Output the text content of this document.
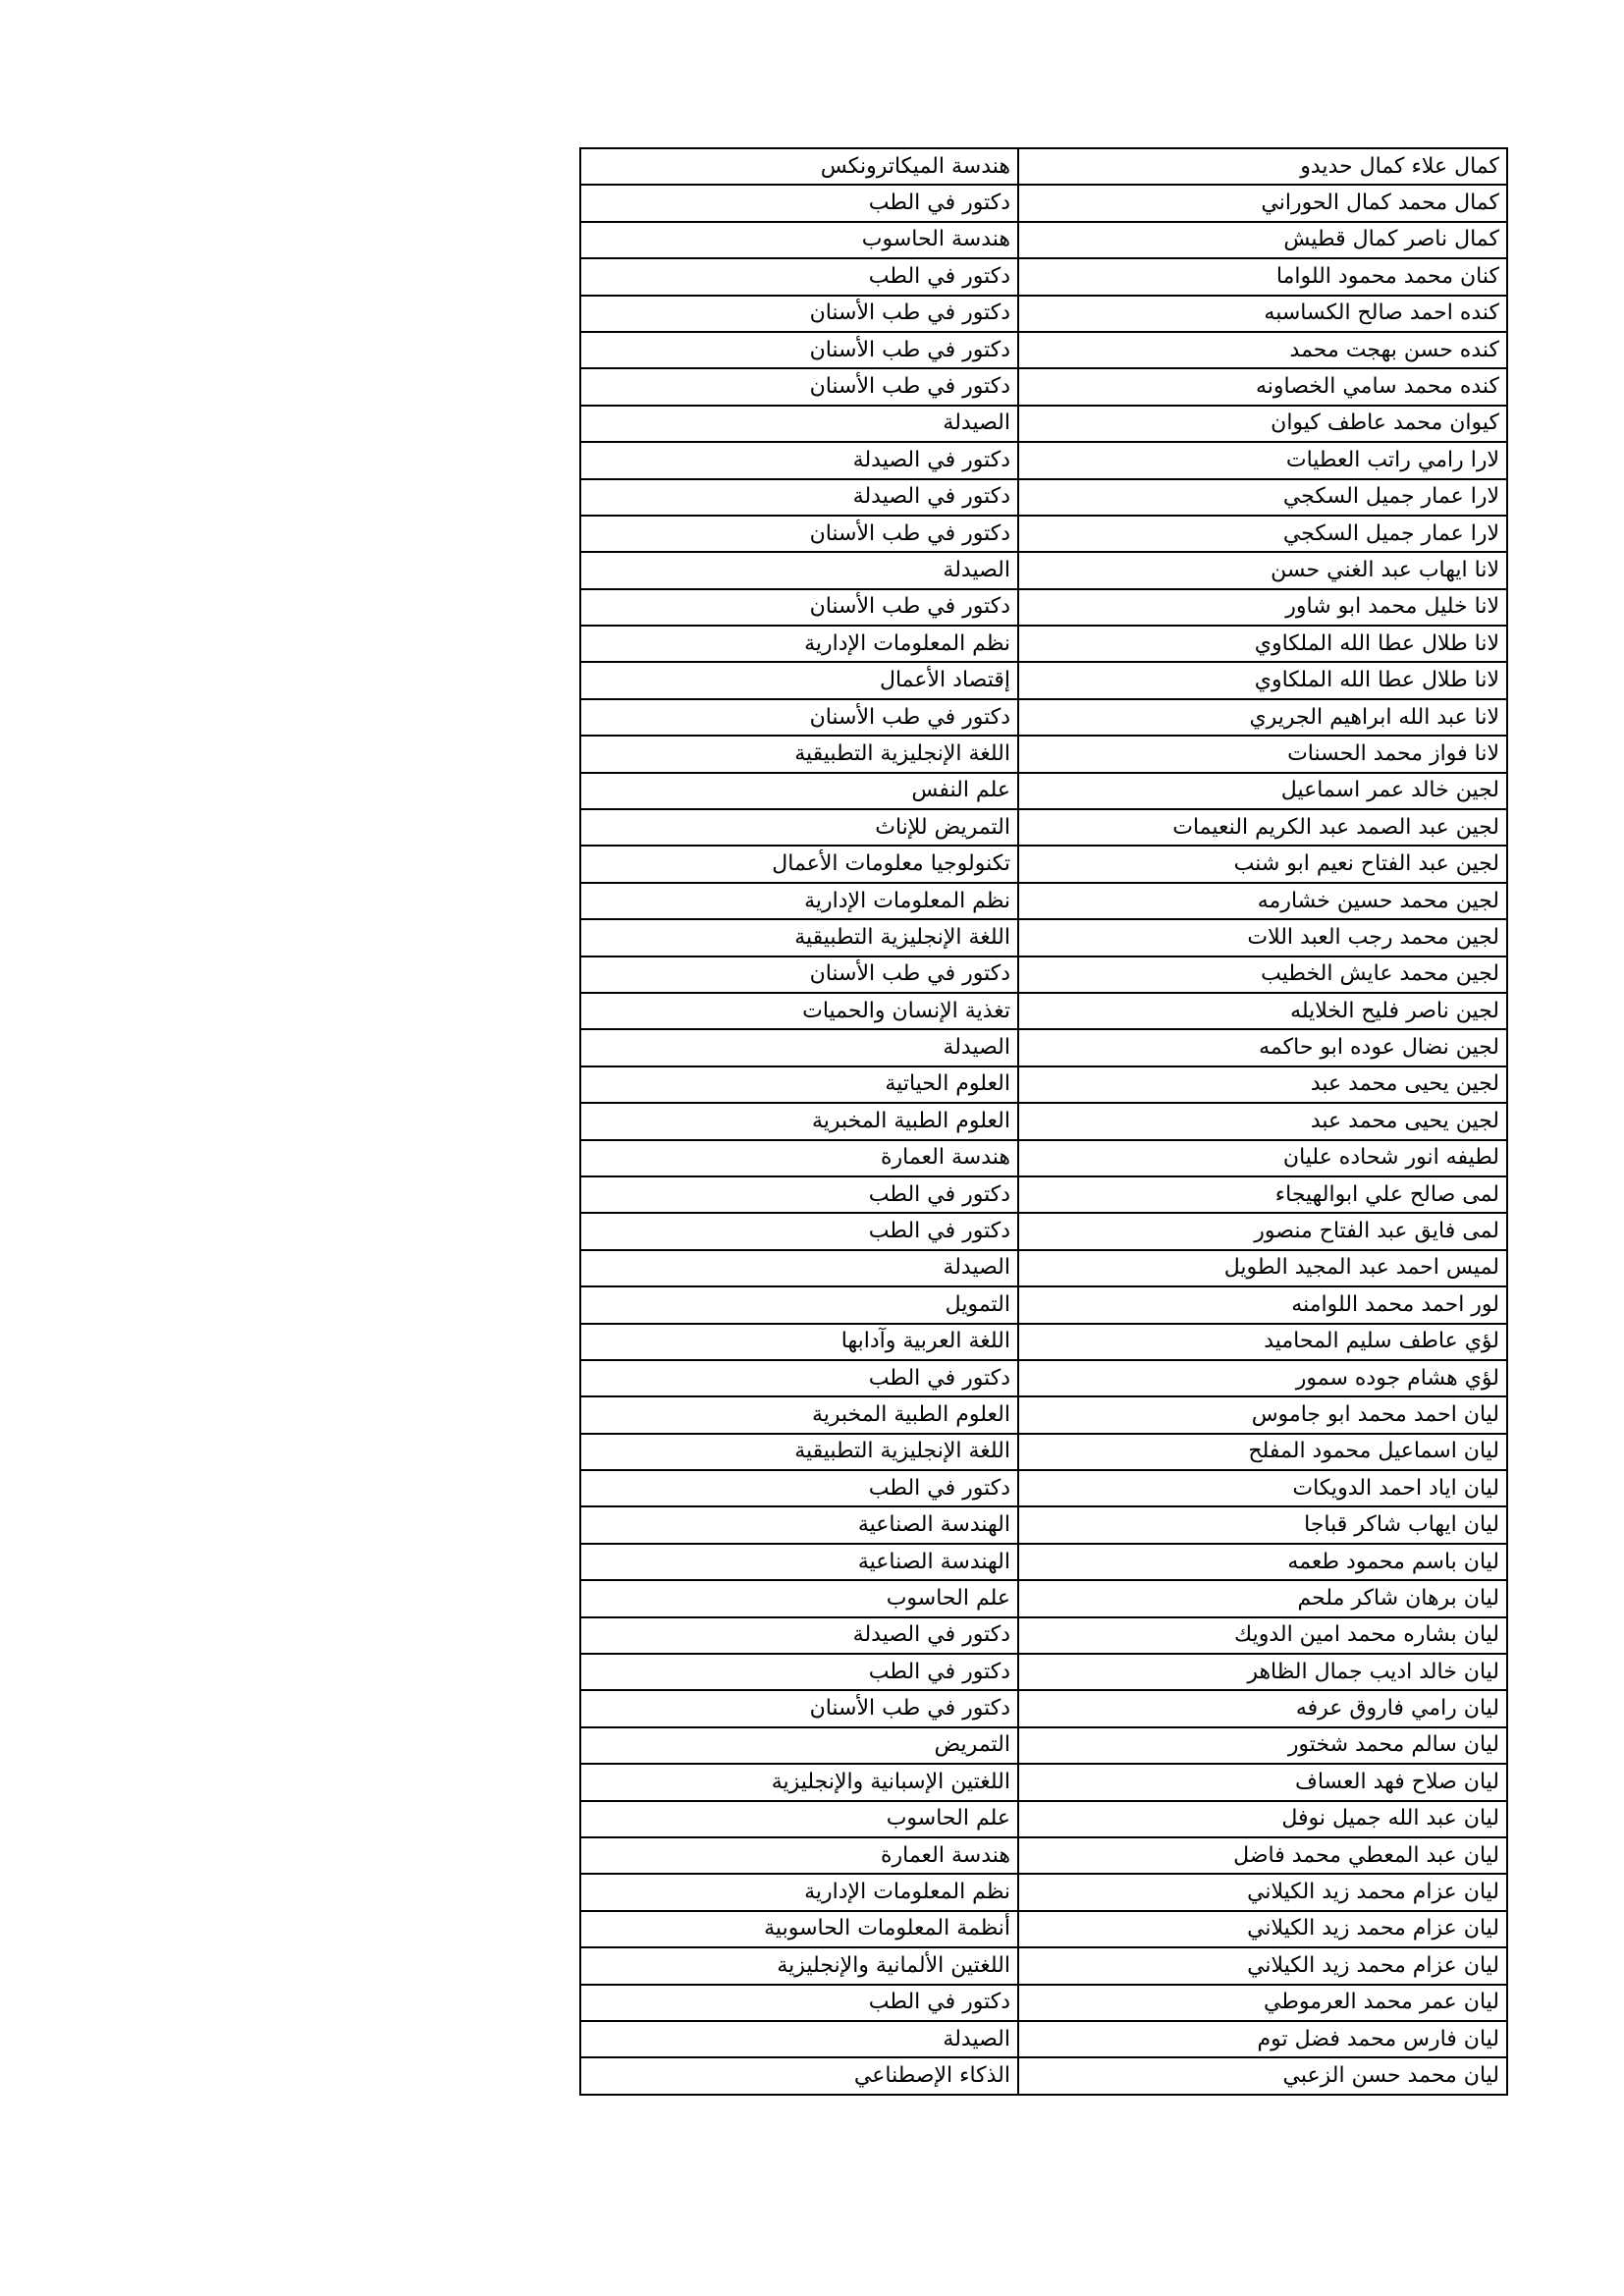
كمال علاء كمال حديدو	هندسة الميكاترونكس
كمال محمد كمال الحوراني	دكتور في الطب
كمال ناصر كمال قطيش	هندسة الحاسوب
كنان محمد محمود اللواما	دكتور في الطب
كنده احمد صالح الكساسبه	دكتور في طب الأسنان
كنده حسن بهجت محمد	دكتور في طب الأسنان
كنده محمد سامي الخصاونه	دكتور في طب الأسنان
كيوان محمد عاطف كيوان	الصيدلة
لارا رامي راتب العطيات	دكتور في الصيدلة
لارا عمار جميل السكجي	دكتور في الصيدلة
لارا عمار جميل السكجي	دكتور في طب الأسنان
لانا ايهاب عبد الغني حسن	الصيدلة
لانا خليل محمد ابو شاور	دكتور في طب الأسنان
لانا طلال عطا الله الملكاوي	نظم المعلومات الإدارية
لانا طلال عطا الله الملكاوي	إقتصاد الأعمال
لانا عبد الله ابراهيم الجريري	دكتور في طب الأسنان
لانا فواز محمد الحسنات	اللغة الإنجليزية التطبيقية
لجين خالد عمر اسماعيل	علم النفس
لجين عبد الصمد عبد الكريم النعيمات	التمريض للإناث
لجين عبد الفتاح نعيم ابو شنب	تكنولوجيا معلومات الأعمال
لجين محمد حسين خشارمه	نظم المعلومات الإدارية
لجين محمد رجب العبد اللات	اللغة الإنجليزية التطبيقية
لجين محمد عايش الخطيب	دكتور في طب الأسنان
لجين ناصر فليح الخلايله	تغذية الإنسان والحميات
لجين نضال عوده ابو حاكمه	الصيدلة
لجين يحيى محمد عبد	العلوم الحياتية
لجين يحيى محمد عبد	العلوم الطبية المخبرية
لطيفه انور شحاده عليان	هندسة العمارة
لمى صالح علي ابوالهيجاء	دكتور في الطب
لمى فايق عبد الفتاح منصور	دكتور في الطب
لميس احمد عبد المجيد الطويل	الصيدلة
لور احمد محمد اللوامنه	التمويل
لؤي عاطف سليم المحاميد	اللغة العربية وآدابها
لؤي هشام جوده سمور	دكتور في الطب
ليان احمد محمد ابو جاموس	العلوم الطبية المخبرية
ليان اسماعيل محمود المفلح	اللغة الإنجليزية التطبيقية
ليان اياد احمد الدويكات	دكتور في الطب
ليان ايهاب شاكر قباجا	الهندسة الصناعية
ليان باسم محمود طعمه	الهندسة الصناعية
ليان برهان شاكر ملحم	علم الحاسوب
ليان بشاره محمد امين الدويك	دكتور في الصيدلة
ليان خالد اديب جمال الظاهر	دكتور في الطب
ليان رامي فاروق عرفه	دكتور في طب الأسنان
ليان سالم محمد شختور	التمريض
ليان صلاح فهد العساف	اللغتين الإسبانية والإنجليزية
ليان عبد الله جميل نوفل	علم الحاسوب
ليان عبد المعطي محمد فاضل	هندسة العمارة
ليان عزام محمد زيد الكيلاني	نظم المعلومات الإدارية
ليان عزام محمد زيد الكيلاني	أنظمة المعلومات الحاسوبية
ليان عزام محمد زيد الكيلاني	اللغتين الألمانية والإنجليزية
ليان عمر محمد العرموطي	دكتور في الطب
ليان فارس محمد فضل توم	الصيدلة
ليان محمد حسن الزعبي	الذكاء الإصطناعي
